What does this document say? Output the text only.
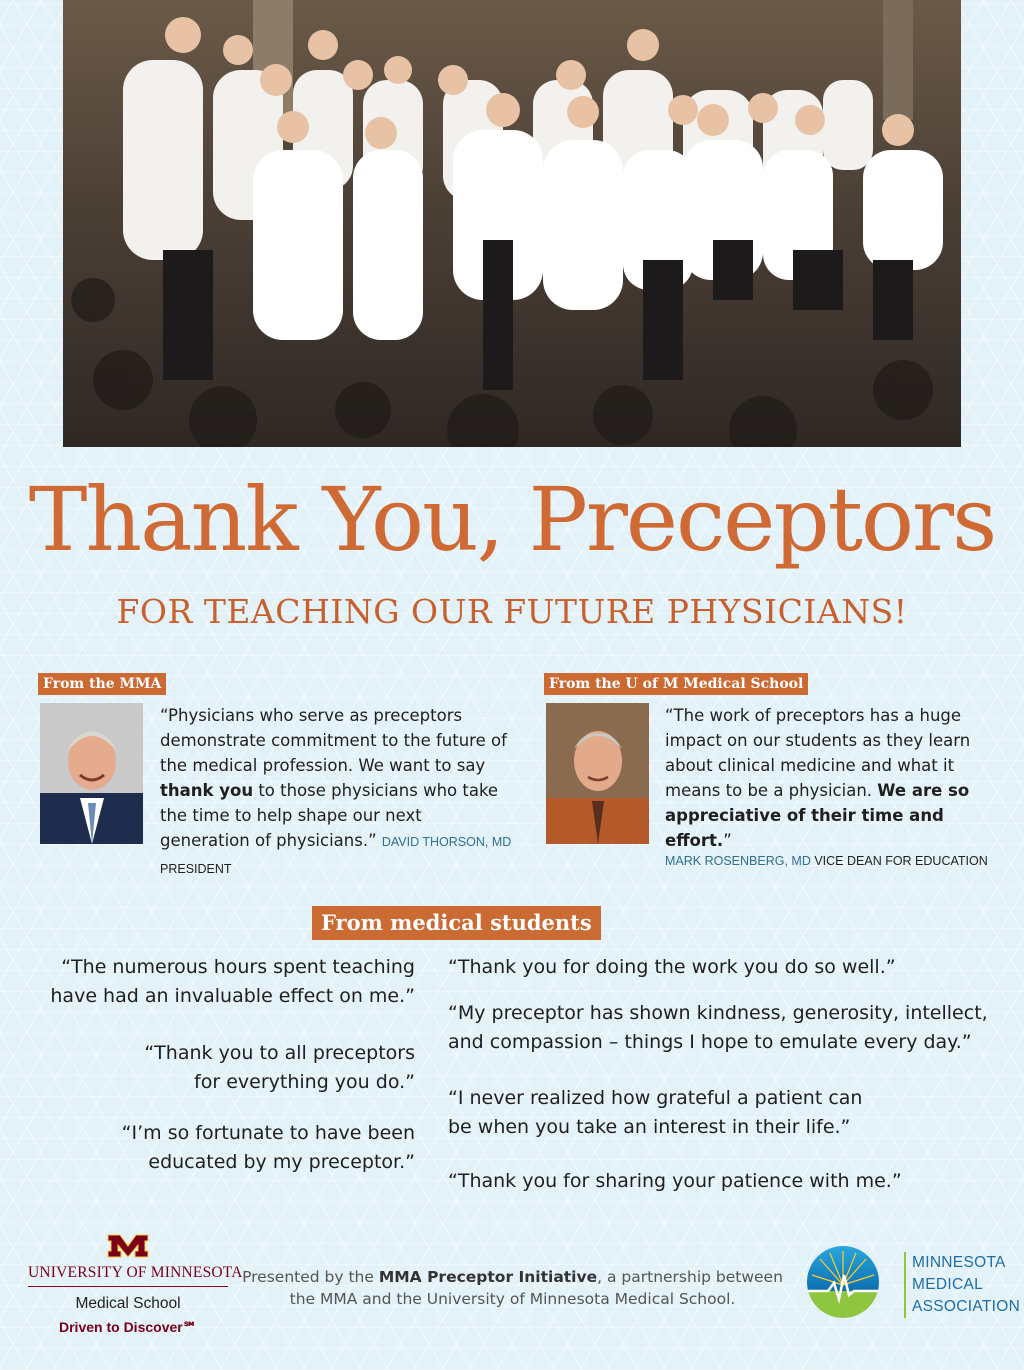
Thank You, Preceptors
FOR TEACHING OUR FUTURE PHYSICIANS!
From the MMA
“Physicians who serve as preceptors demonstrate commitment to the future of the medical profession. We want to say thank you to those physicians who take the time to help shape our next generation of physicians.” DAVID THORSON, MD PRESIDENT
From the U of M Medical School
“The work of preceptors has a huge impact on our students as they learn about clinical medicine and what it means to be a physician. We are so appreciative of their time and effort.”
MARK ROSENBERG, MD VICE DEAN FOR EDUCATION
From medical students
“The numerous hours spent teaching have had an invaluable effect on me.”
“Thank you to all preceptors for everything you do.”
“I’m so fortunate to have been educated by my preceptor.”
“Thank you for doing the work you do so well.”
“My preceptor has shown kindness, generosity, intellect, and compassion – things I hope to emulate every day.”
“I never realized how grateful a patient can be when you take an interest in their life.”
“Thank you for sharing your patience with me.”
UNIVERSITY OF MINNESOTA
Medical School
Driven to Discover℠
Presented by the MMA Preceptor Initiative, a partnership between the MMA and the University of Minnesota Medical School.
MINNESOTA
MEDICAL
ASSOCIATION
